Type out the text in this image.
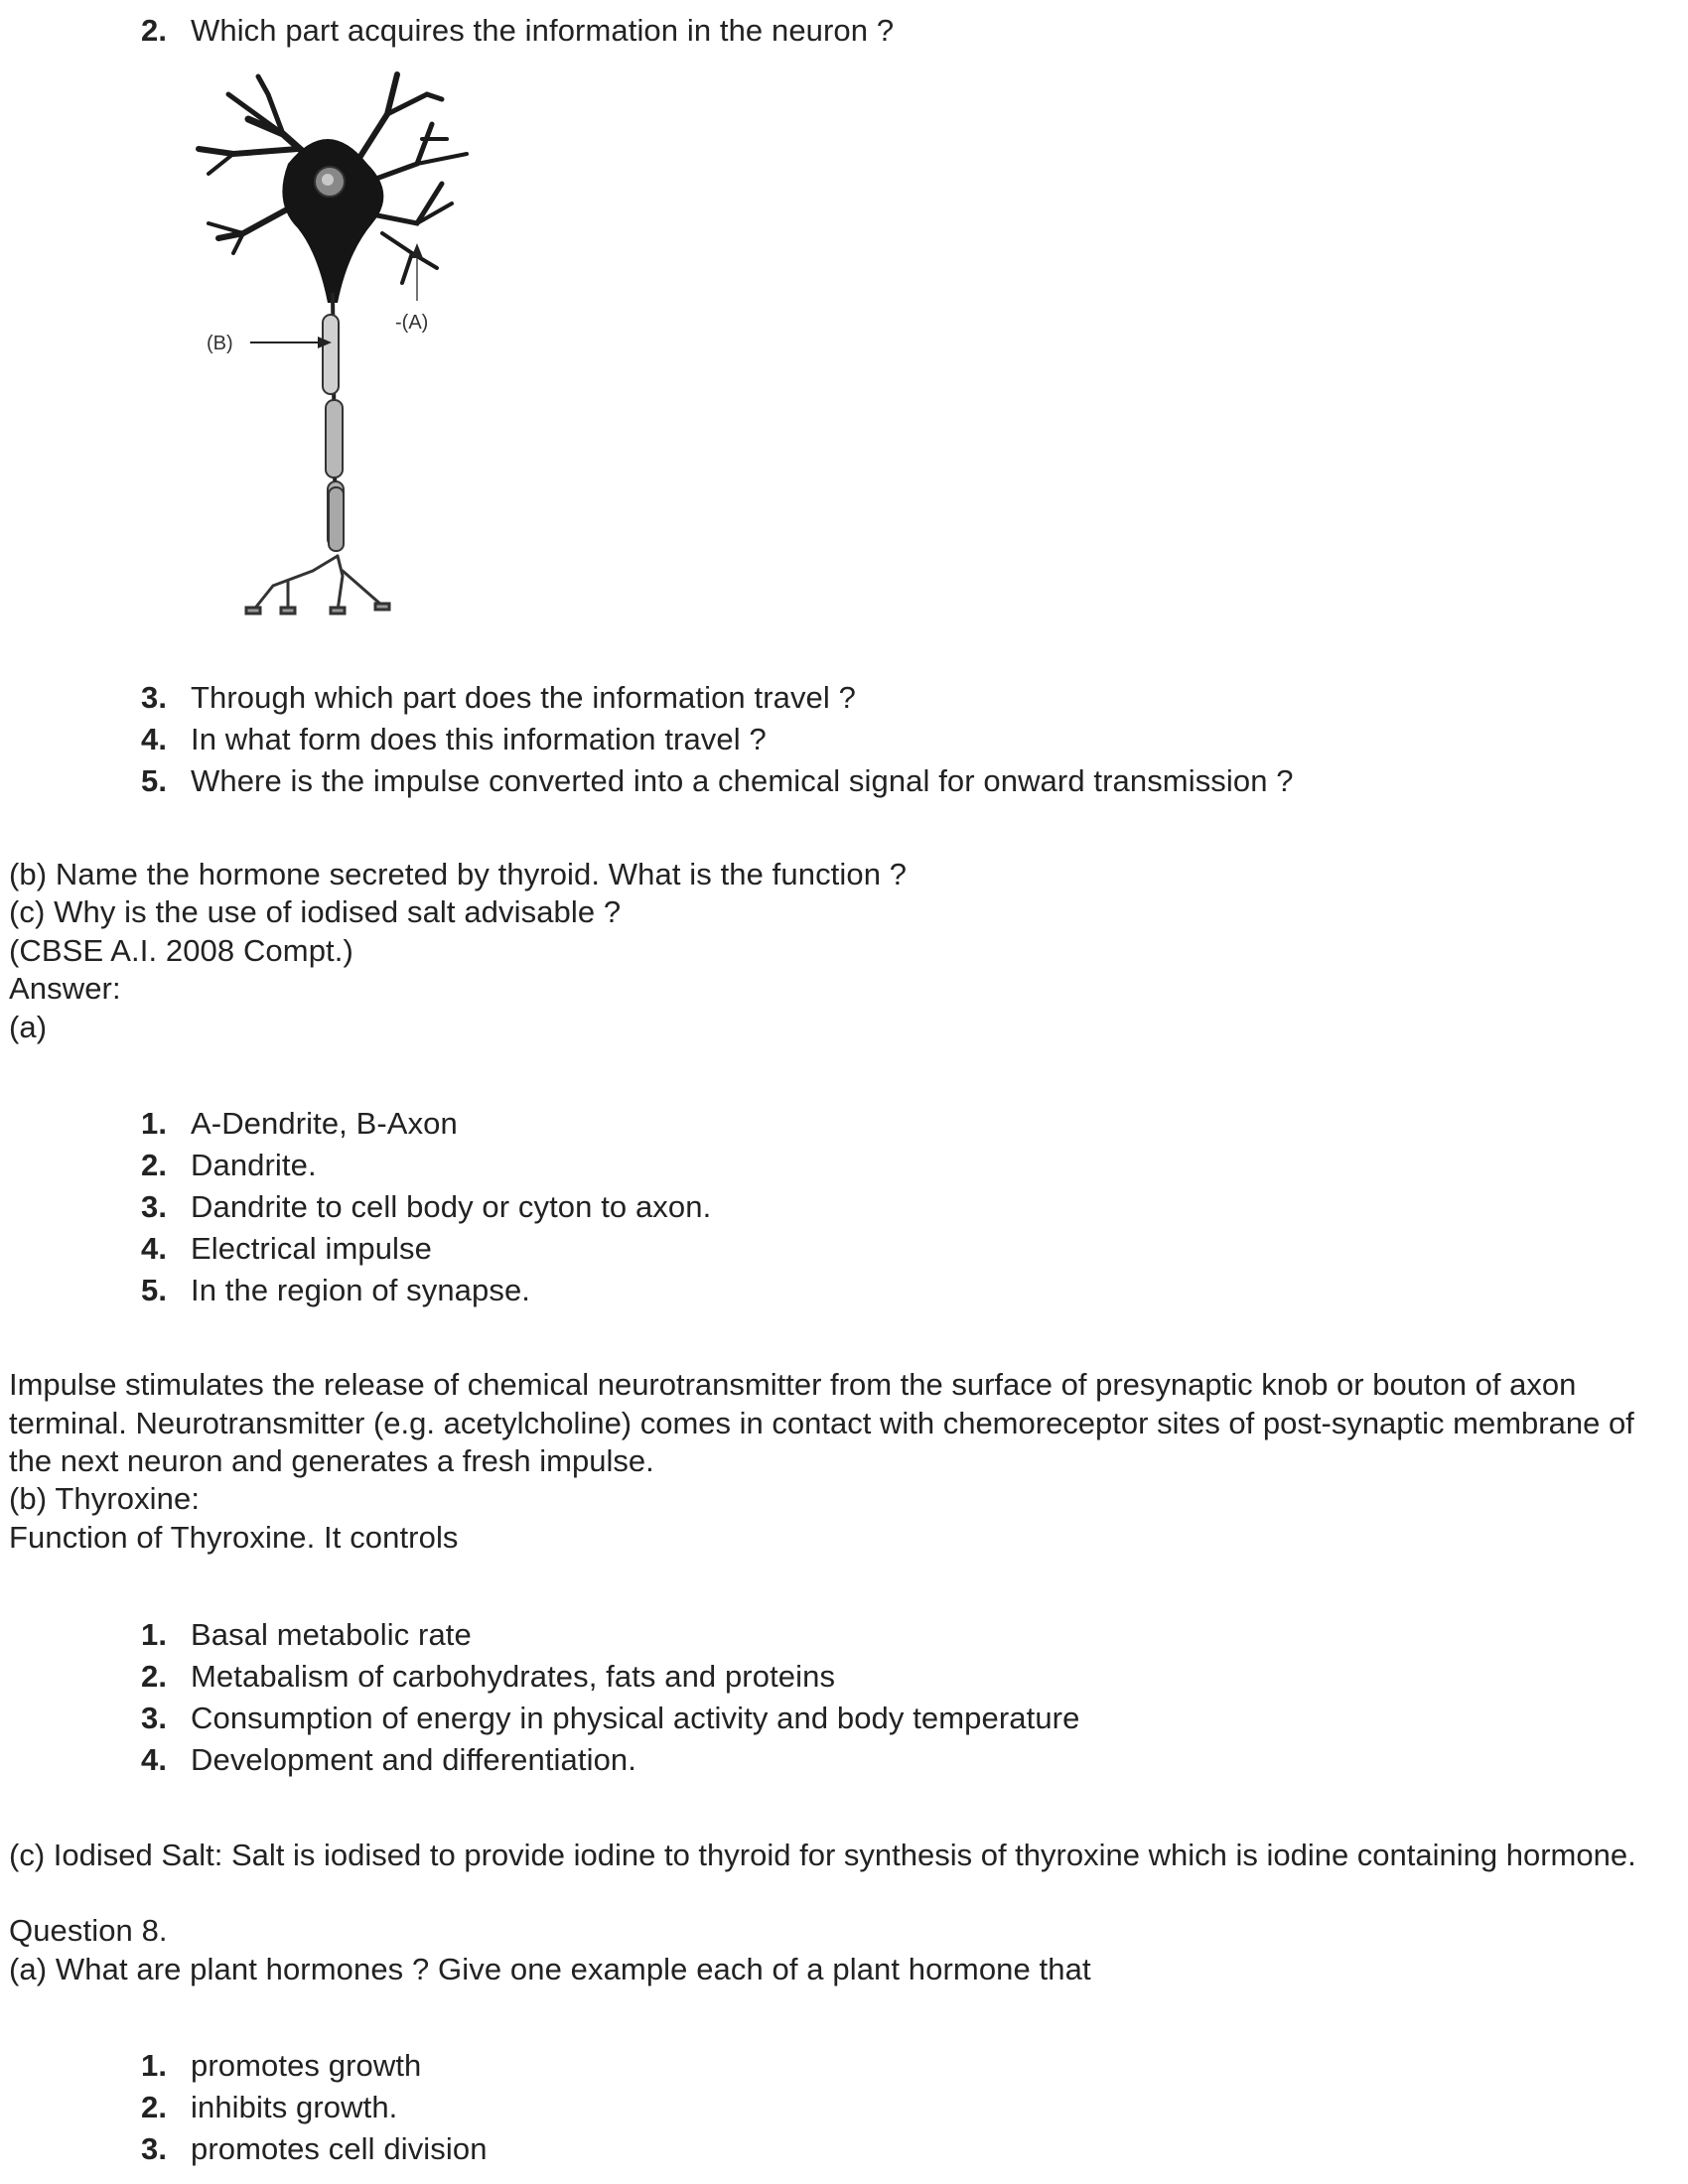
2. Which part acquires the information in the neuron ?
(B)
-(A)
3. Through which part does the information travel ?
4. In what form does this information travel ?
5. Where is the impulse converted into a chemical signal for onward transmission ?
(b) Name the hormone secreted by thyroid. What is the function ?
(c) Why is the use of iodised salt advisable ?
(CBSE A.I. 2008 Compt.)
Answer:
(a)
1. A-Dendrite, B-Axon
2. Dandrite.
3. Dandrite to cell body or cyton to axon.
4. Electrical impulse
5. In the region of synapse.
Impulse stimulates the release of chemical neurotransmitter from the surface of presynaptic knob or bouton of axon terminal. Neurotransmitter (e.g. acetylcholine) comes in contact with chemoreceptor sites of post-synaptic membrane of the next neuron and generates a fresh impulse.
(b) Thyroxine:
Function of Thyroxine. It controls
1. Basal metabolic rate
2. Metabalism of carbohydrates, fats and proteins
3. Consumption of energy in physical activity and body temperature
4. Development and differentiation.
(c) Iodised Salt: Salt is iodised to provide iodine to thyroid for synthesis of thyroxine which is iodine containing hormone.
Question 8.
(a) What are plant hormones ? Give one example each of a plant hormone that
1. promotes growth
2. inhibits growth.
3. promotes cell division
